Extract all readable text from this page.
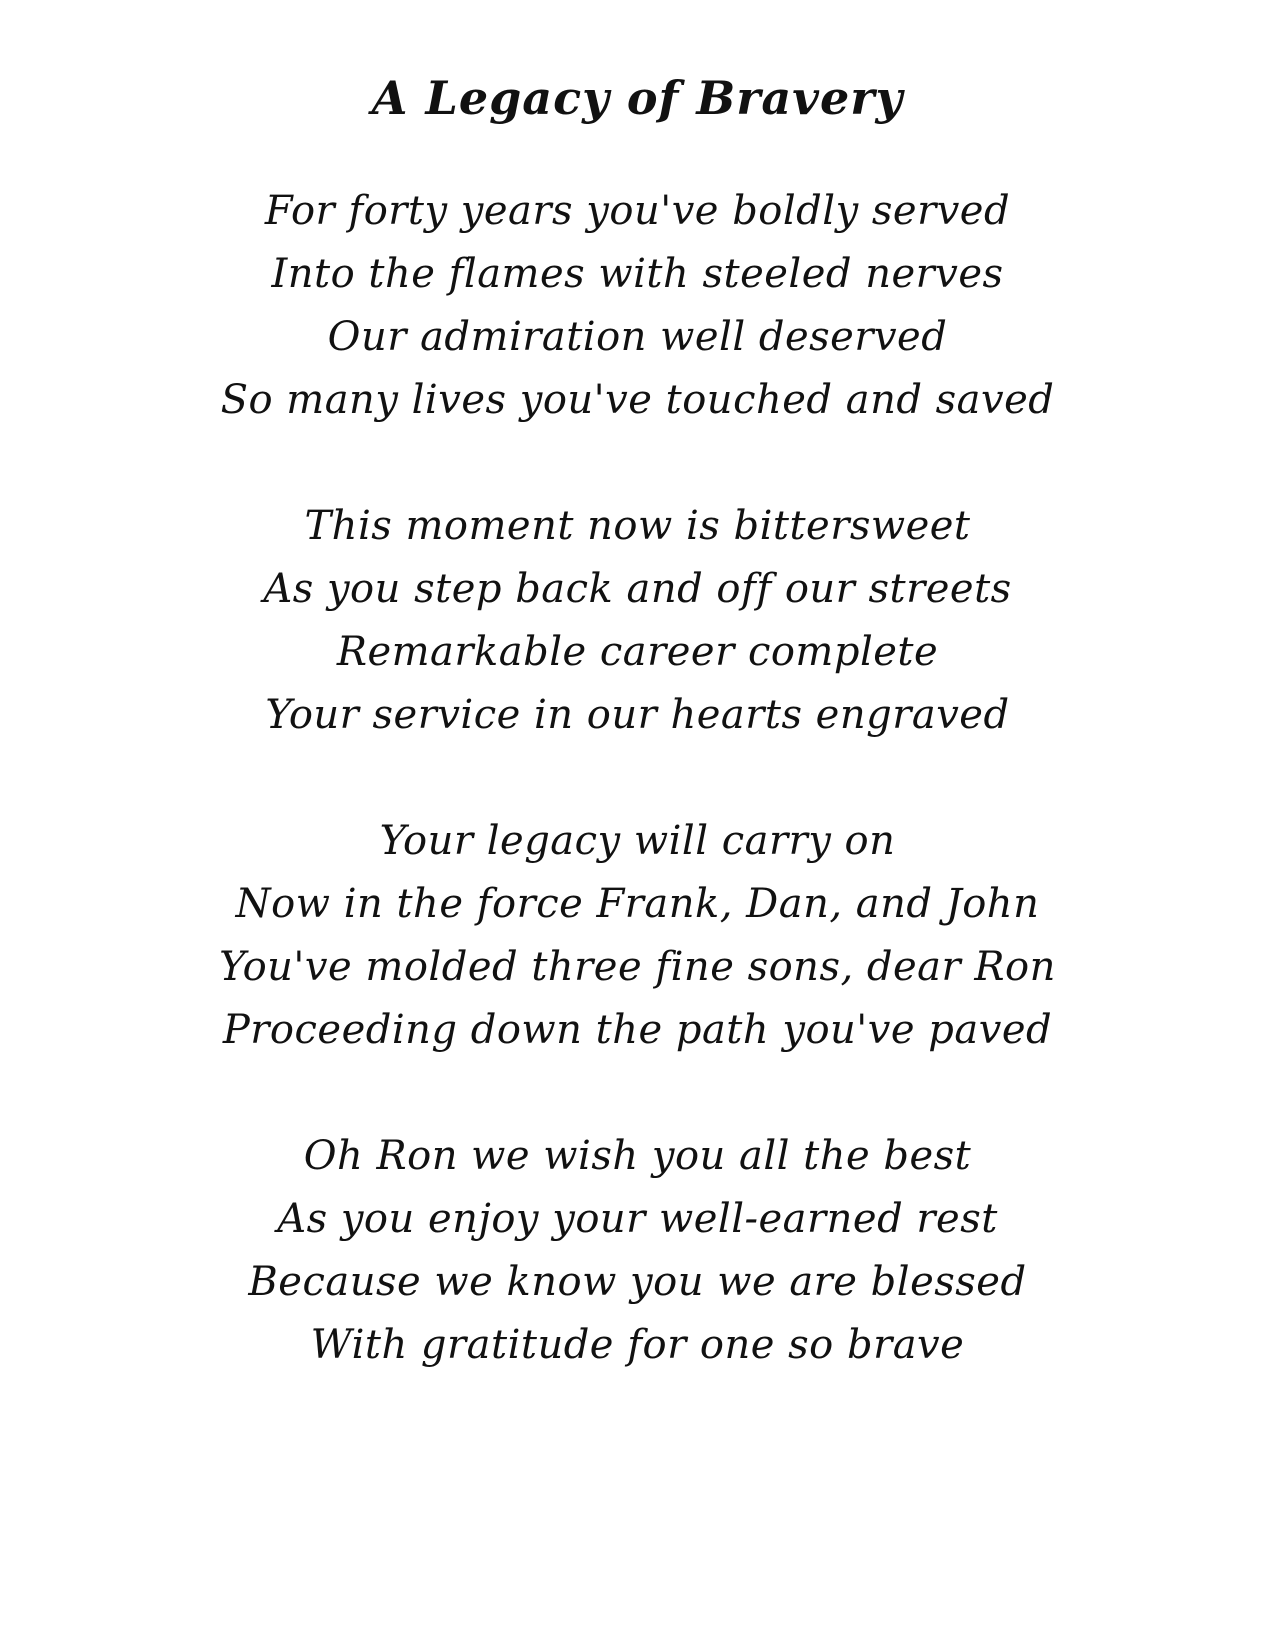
A Legacy of Bravery

For forty years you've boldly served

Into the flames with steeled nerves

Our admiration well deserved

So many lives you've touched and saved

This moment now is bittersweet

As you step back and off our streets

Remarkable career complete

Your service in our hearts engraved

Your legacy will carry on

Now in the force Frank, Dan, and John

You've molded three fine sons, dear Ron

Proceeding down the path you've paved

Oh Ron we wish you all the best

As you enjoy your well-earned rest

Because we know you we are blessed

With gratitude for one so brave
